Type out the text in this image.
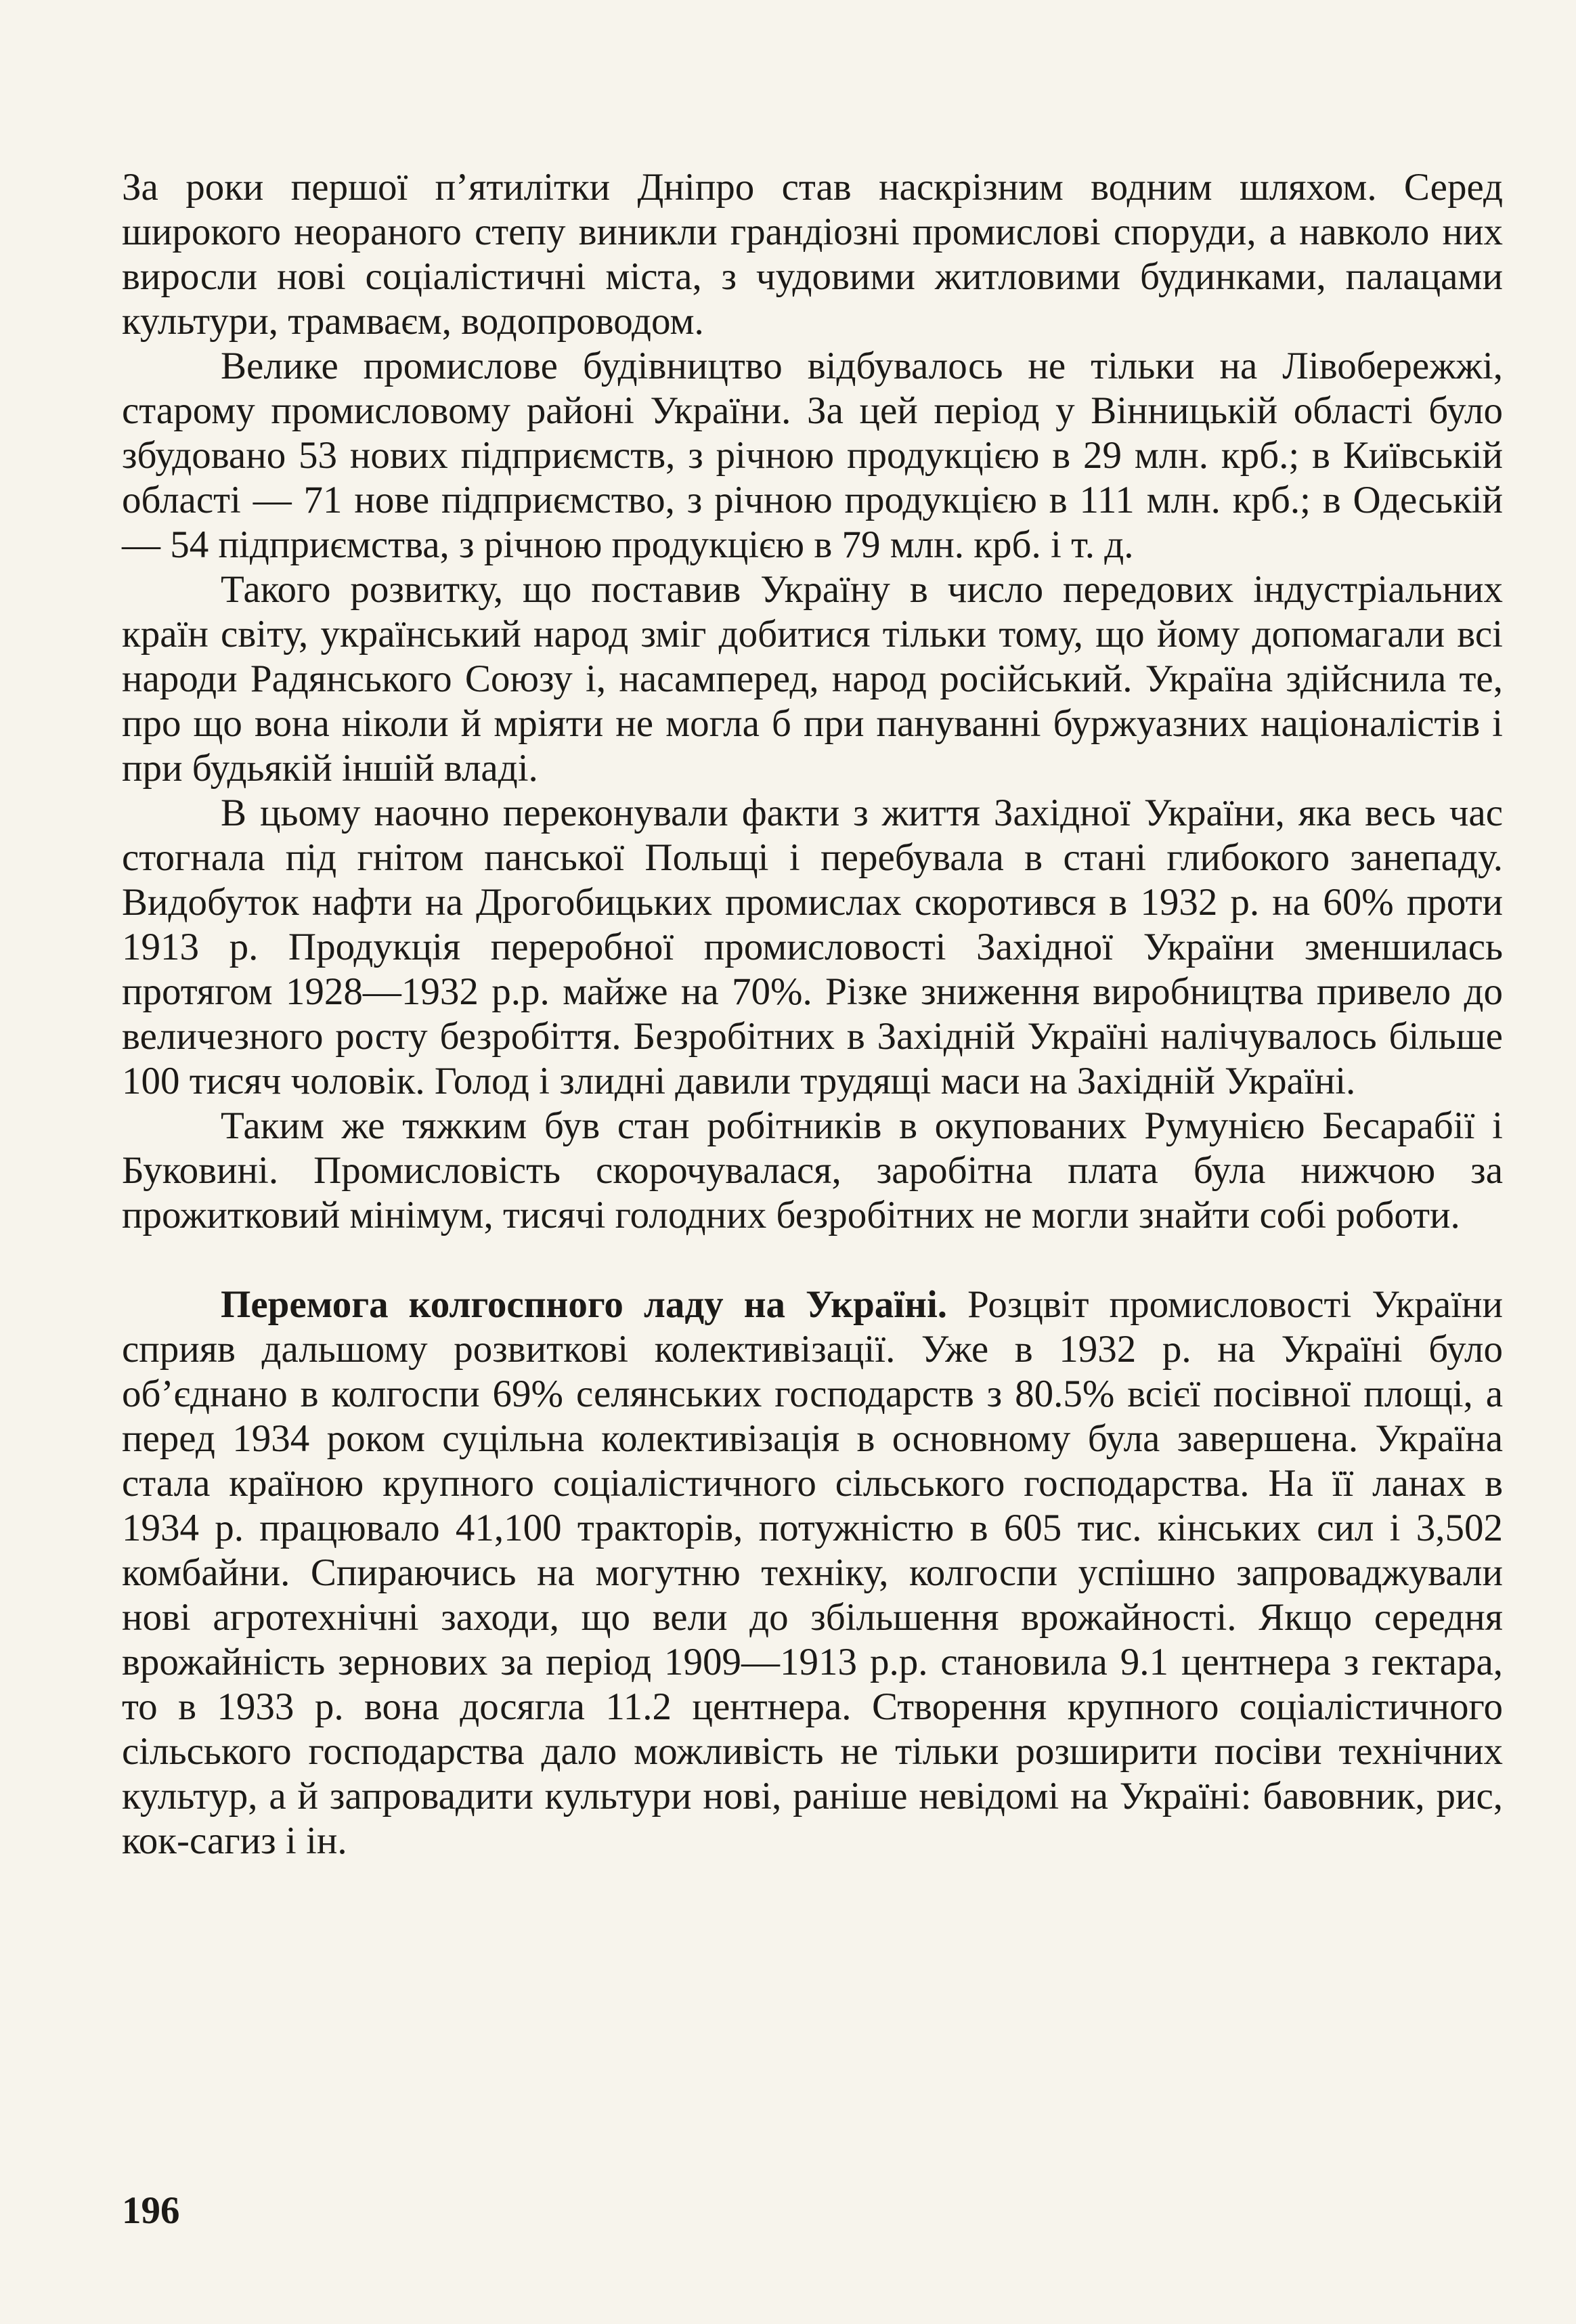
За роки першої п’ятилітки Дніпро став наскрізним водним шляхом. Серед широкого неораного степу виникли грандіозні промислові споруди, а навколо них виросли нові соціалістичні міста, з чудовими житловими будинками, палацами культури, трамваєм, водопроводом.

Велике промислове будівництво відбувалось не тільки на Лівобережжі, старому промисловому районі України. За цей період у Вінницькій області було збудовано 53 нових підприємств, з річною продукцією в 29 млн. крб.; в Київській області — 71 нове підприємство, з річною продукцією в 111 млн. крб.; в Одеській — 54 підприємства, з річною продукцією в 79 млн. крб. і т. д.

Такого розвитку, що поставив Україну в число передових індустріальних країн світу, український народ зміг добитися тільки тому, що йому допомагали всі народи Радянського Союзу і, насамперед, народ російський. Україна здійснила те, про що вона ніколи й мріяти не могла б при пануванні буржуазних націоналістів і при будьякій іншій владі.

В цьому наочно переконували факти з життя Західної України, яка весь час стогнала під гнітом панської Польщі і перебувала в стані глибокого занепаду. Видобуток нафти на Дрогобицьких промислах скоротився в 1932 р. на 60% проти 1913 р. Продукція переробної промисловості Західної України зменшилась протягом 1928—1932 р.р. майже на 70%. Різке зниження виробництва привело до величезного росту безробіття. Безробітних в Західній Україні налічувалось більше 100 тисяч чоловік. Голод і злидні давили трудящі маси на Західній Україні.

Таким же тяжким був стан робітників в окупованих Румунією Бесарабії і Буковині. Промисловість скорочувалася, заробітна плата була нижчою за прожитковий мінімум, тисячі голодних безробітних не могли знайти собі роботи.

Перемога колгоспного ладу на Україні. Розцвіт промисловості України сприяв дальшому розвиткові колективізації. Уже в 1932 р. на Україні було об’єднано в колгоспи 69% селянських господарств з 80.5% всієї посівної площі, а перед 1934 роком суцільна колективізація в основному була завершена. Україна стала країною крупного соціалістичного сільського господарства. На її ланах в 1934 р. працювало 41,100 тракторів, потужністю в 605 тис. кінських сил і 3,502 комбайни. Спираючись на могутню техніку, колгоспи успішно запроваджували нові агротехнічні заходи, що вели до збільшення врожайності. Якщо середня врожайність зернових за період 1909—1913 р.р. становила 9.1 центнера з гектара, то в 1933 р. вона досягла 11.2 центнера. Створення крупного соціалістичного сільського господарства дало можливість не тільки розширити посіви технічних культур, а й запровадити культури нові, раніше невідомі на Україні: бавовник, рис, кок-сагиз і ін.

196
